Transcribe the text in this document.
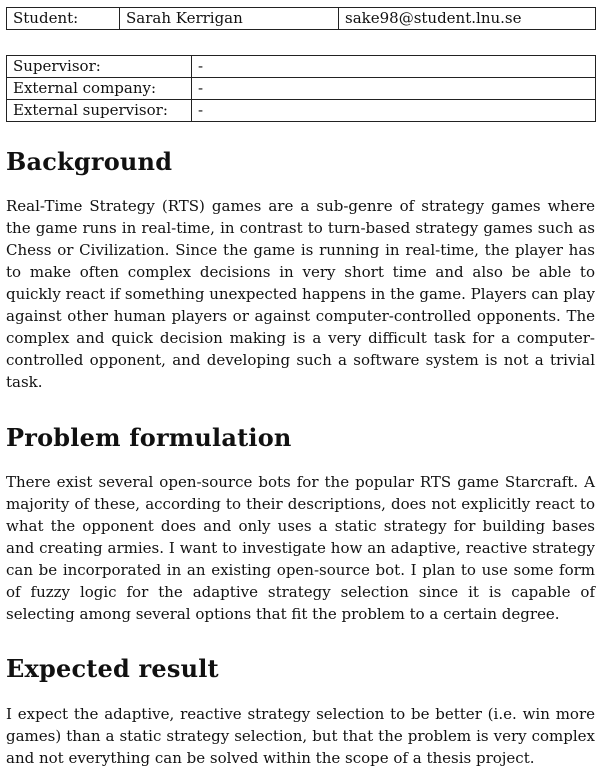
Student:	Sarah Kerrigan	sake98@student.lnu.se
Supervisor:	-
External company:	-
External supervisor:	-
Background

Real-Time Strategy (RTS) games are a sub-genre of strategy games where the game runs in real-time, in contrast to turn-based strategy games such as Chess or Civilization. Since the game is running in real-time, the player has to make often complex decisions in very short time and also be able to quickly react if something unexpected happens in the game. Players can play against other human players or against computer-controlled opponents. The complex and quick decision making is a very difficult task for a computer-controlled opponent, and developing such a software system is not a trivial task.

Problem formulation

There exist several open-source bots for the popular RTS game Starcraft. A majority of these, according to their descriptions, does not explicitly react to what the opponent does and only uses a static strategy for building bases and creating armies. I want to investigate how an adaptive, reactive strategy can be incorporated in an existing open-source bot. I plan to use some form of fuzzy logic for the adaptive strategy selection since it is capable of selecting among several options that fit the problem to a certain degree.

Expected result

I expect the adaptive, reactive strategy selection to be better (i.e. win more games) than a static strategy selection, but that the problem is very complex and not everything can be solved within the scope of a thesis project.
